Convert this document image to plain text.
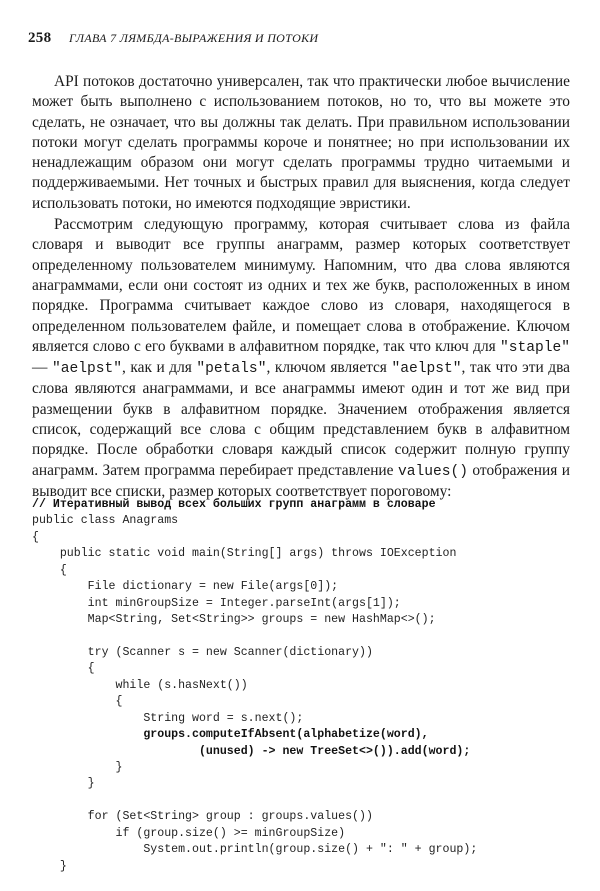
258 ГЛАВА 7 ЛЯМБДА-ВЫРАЖЕНИЯ И ПОТОКИ

API потоков достаточно универсален, так что практически любое вычисление может быть выполнено с использованием потоков, но то, что вы можете это сделать, не означает, что вы должны так делать. При правильном использовании потоки могут сделать программы короче и понятнее; но при использовании их ненадлежащим образом они могут сделать программы трудно читаемыми и поддерживаемыми. Нет точных и быстрых правил для выяснения, когда следует использовать потоки, но имеются подходящие эвристики.

Рассмотрим следующую программу, которая считывает слова из файла словаря и выводит все группы анаграмм, размер которых соответствует определенному пользователем минимуму. Напомним, что два слова являются анаграммами, если они состоят из одних и тех же букв, расположенных в ином порядке. Программа считывает каждое слово из словаря, находящегося в определенном пользователем файле, и помещает слова в отображение. Ключом является слово с его буквами в алфавитном порядке, так что ключ для "staple" — "aelpst", как и для "petals", ключом является "aelpst", так что эти два слова являются анаграммами, и все анаграммы имеют один и тот же вид при размещении букв в алфавитном порядке. Значением отображения является список, содержащий все слова с общим представлением букв в алфавитном порядке. После обработки словаря каждый список содержит полную группу анаграмм. Затем программа перебирает представление values() отображения и выводит все списки, размер которых соответствует пороговому:

// Итеративный вывод всех больших групп анаграмм в словаре
public class Anagrams
{
public static void main(String[] args) throws IOException
{
File dictionary = new File(args[0]);
int minGroupSize = Integer.parseInt(args[1]);
Map<String, Set<String>> groups = new HashMap<>();
try (Scanner s = new Scanner(dictionary))
{
while (s.hasNext())
{
String word = s.next();
groups.computeIfAbsent(alphabetize(word),
(unused) -> new TreeSet<>()).add(word);
}
}
for (Set<String> group : groups.values())
if (group.size() >= minGroupSize)
System.out.println(group.size() + ": " + group);
}
